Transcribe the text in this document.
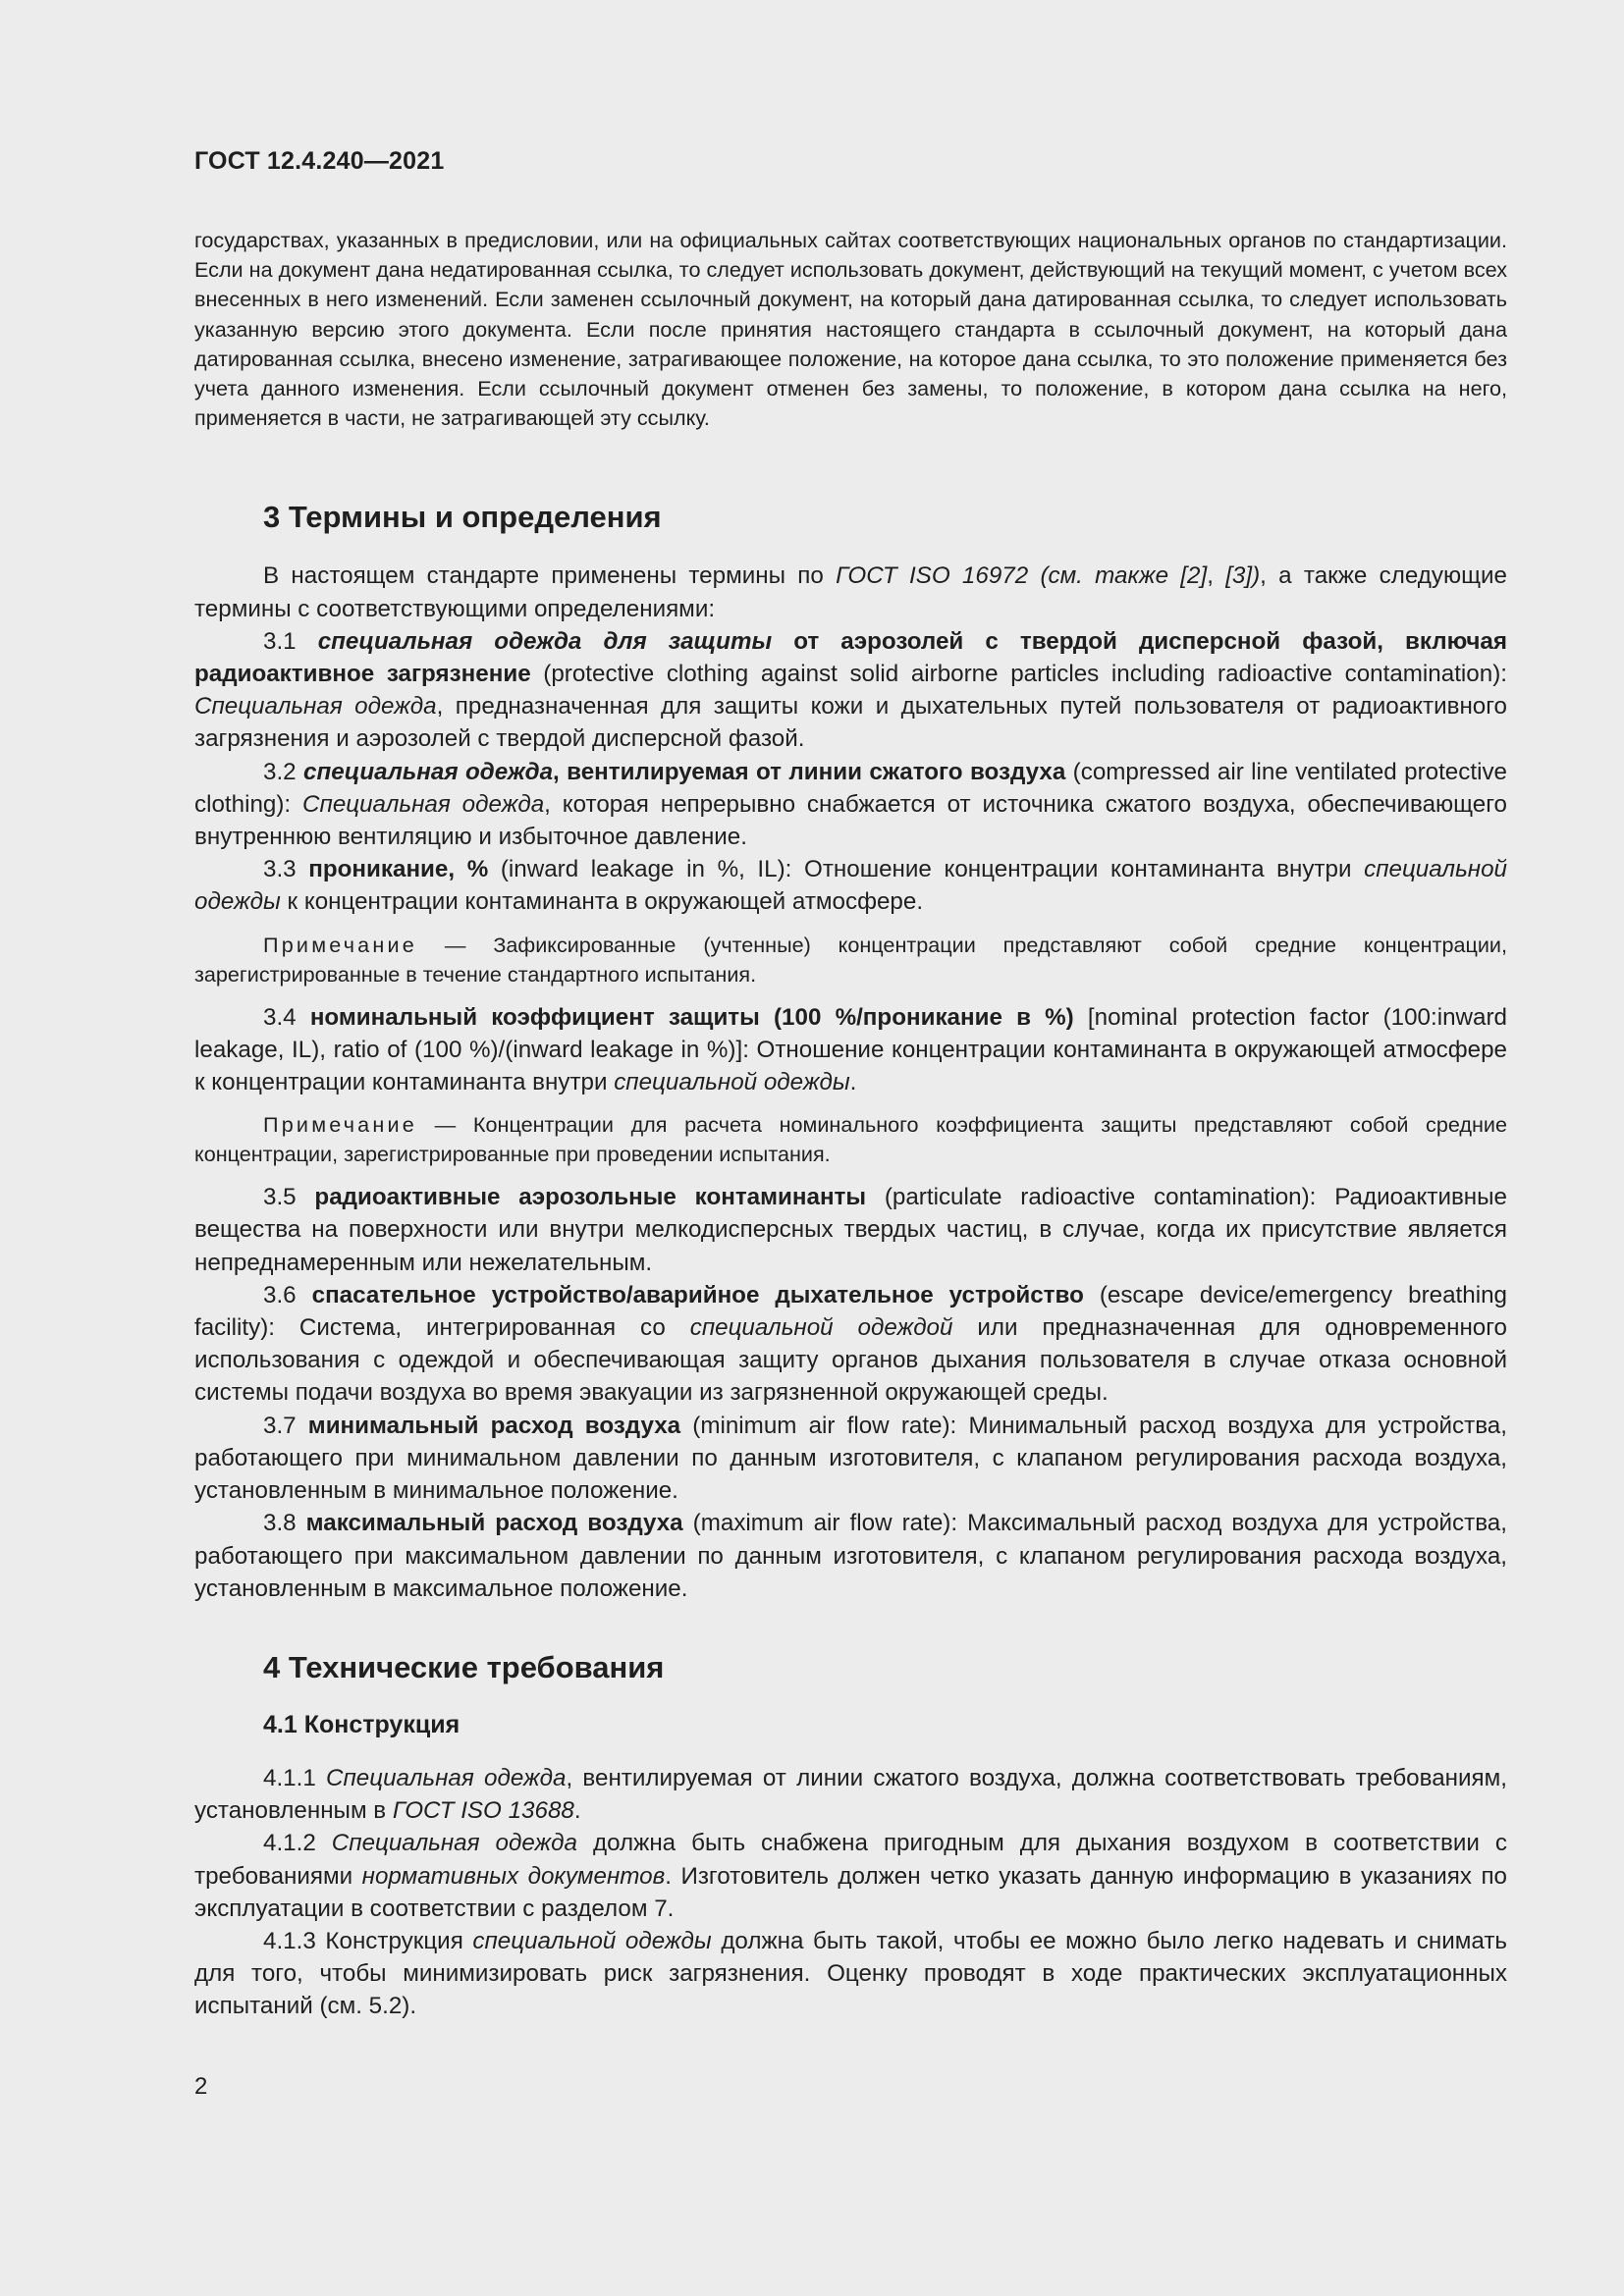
ГОСТ 12.4.240—2021

государствах, указанных в предисловии, или на официальных сайтах соответствующих национальных органов по стандартизации. Если на документ дана недатированная ссылка, то следует использовать документ, действующий на текущий момент, с учетом всех внесенных в него изменений. Если заменен ссылочный документ, на который дана датированная ссылка, то следует использовать указанную версию этого документа. Если после принятия настоящего стандарта в ссылочный документ, на который дана датированная ссылка, внесено изменение, затрагивающее положение, на которое дана ссылка, то это положение применяется без учета данного изменения. Если ссылочный документ отменен без замены, то положение, в котором дана ссылка на него, применяется в части, не затрагивающей эту ссылку.

3 Термины и определения

В настоящем стандарте применены термины по ГОСТ ISO 16972 (см. также [2], [3]), а также следующие термины с соответствующими определениями:

3.1 специальная одежда для защиты от аэрозолей с твердой дисперсной фазой, включая радиоактивное загрязнение (protective clothing against solid airborne particles including radioactive contamination): Специальная одежда, предназначенная для защиты кожи и дыхательных путей пользователя от радиоактивного загрязнения и аэрозолей с твердой дисперсной фазой.

3.2 специальная одежда, вентилируемая от линии сжатого воздуха (compressed air line ventilated protective clothing): Специальная одежда, которая непрерывно снабжается от источника сжатого воздуха, обеспечивающего внутреннюю вентиляцию и избыточное давление.

3.3 проникание, % (inward leakage in %, IL): Отношение концентрации контаминанта внутри специальной одежды к концентрации контаминанта в окружающей атмосфере.

Примечание — Зафиксированные (учтенные) концентрации представляют собой средние концентрации, зарегистрированные в течение стандартного испытания.

3.4 номинальный коэффициент защиты (100 %/проникание в %) [nominal protection factor (100:inward leakage, IL), ratio of (100 %)/(inward leakage in %)]: Отношение концентрации контаминанта в окружающей атмосфере к концентрации контаминанта внутри специальной одежды.

Примечание — Концентрации для расчета номинального коэффициента защиты представляют собой средние концентрации, зарегистрированные при проведении испытания.

3.5 радиоактивные аэрозольные контаминанты (particulate radioactive contamination): Радиоактивные вещества на поверхности или внутри мелкодисперсных твердых частиц, в случае, когда их присутствие является непреднамеренным или нежелательным.

3.6 спасательное устройство/аварийное дыхательное устройство (escape device/emergency breathing facility): Система, интегрированная со специальной одеждой или предназначенная для одновременного использования с одеждой и обеспечивающая защиту органов дыхания пользователя в случае отказа основной системы подачи воздуха во время эвакуации из загрязненной окружающей среды.

3.7 минимальный расход воздуха (minimum air flow rate): Минимальный расход воздуха для устройства, работающего при минимальном давлении по данным изготовителя, с клапаном регулирования расхода воздуха, установленным в минимальное положение.

3.8 максимальный расход воздуха (maximum air flow rate): Максимальный расход воздуха для устройства, работающего при максимальном давлении по данным изготовителя, с клапаном регулирования расхода воздуха, установленным в максимальное положение.

4 Технические требования
4.1 Конструкция

4.1.1 Специальная одежда, вентилируемая от линии сжатого воздуха, должна соответствовать требованиям, установленным в ГОСТ ISO 13688.

4.1.2 Специальная одежда должна быть снабжена пригодным для дыхания воздухом в соответствии с требованиями нормативных документов. Изготовитель должен четко указать данную информацию в указаниях по эксплуатации в соответствии с разделом 7.

4.1.3 Конструкция специальной одежды должна быть такой, чтобы ее можно было легко надевать и снимать для того, чтобы минимизировать риск загрязнения. Оценку проводят в ходе практических эксплуатационных испытаний (см. 5.2).

2
